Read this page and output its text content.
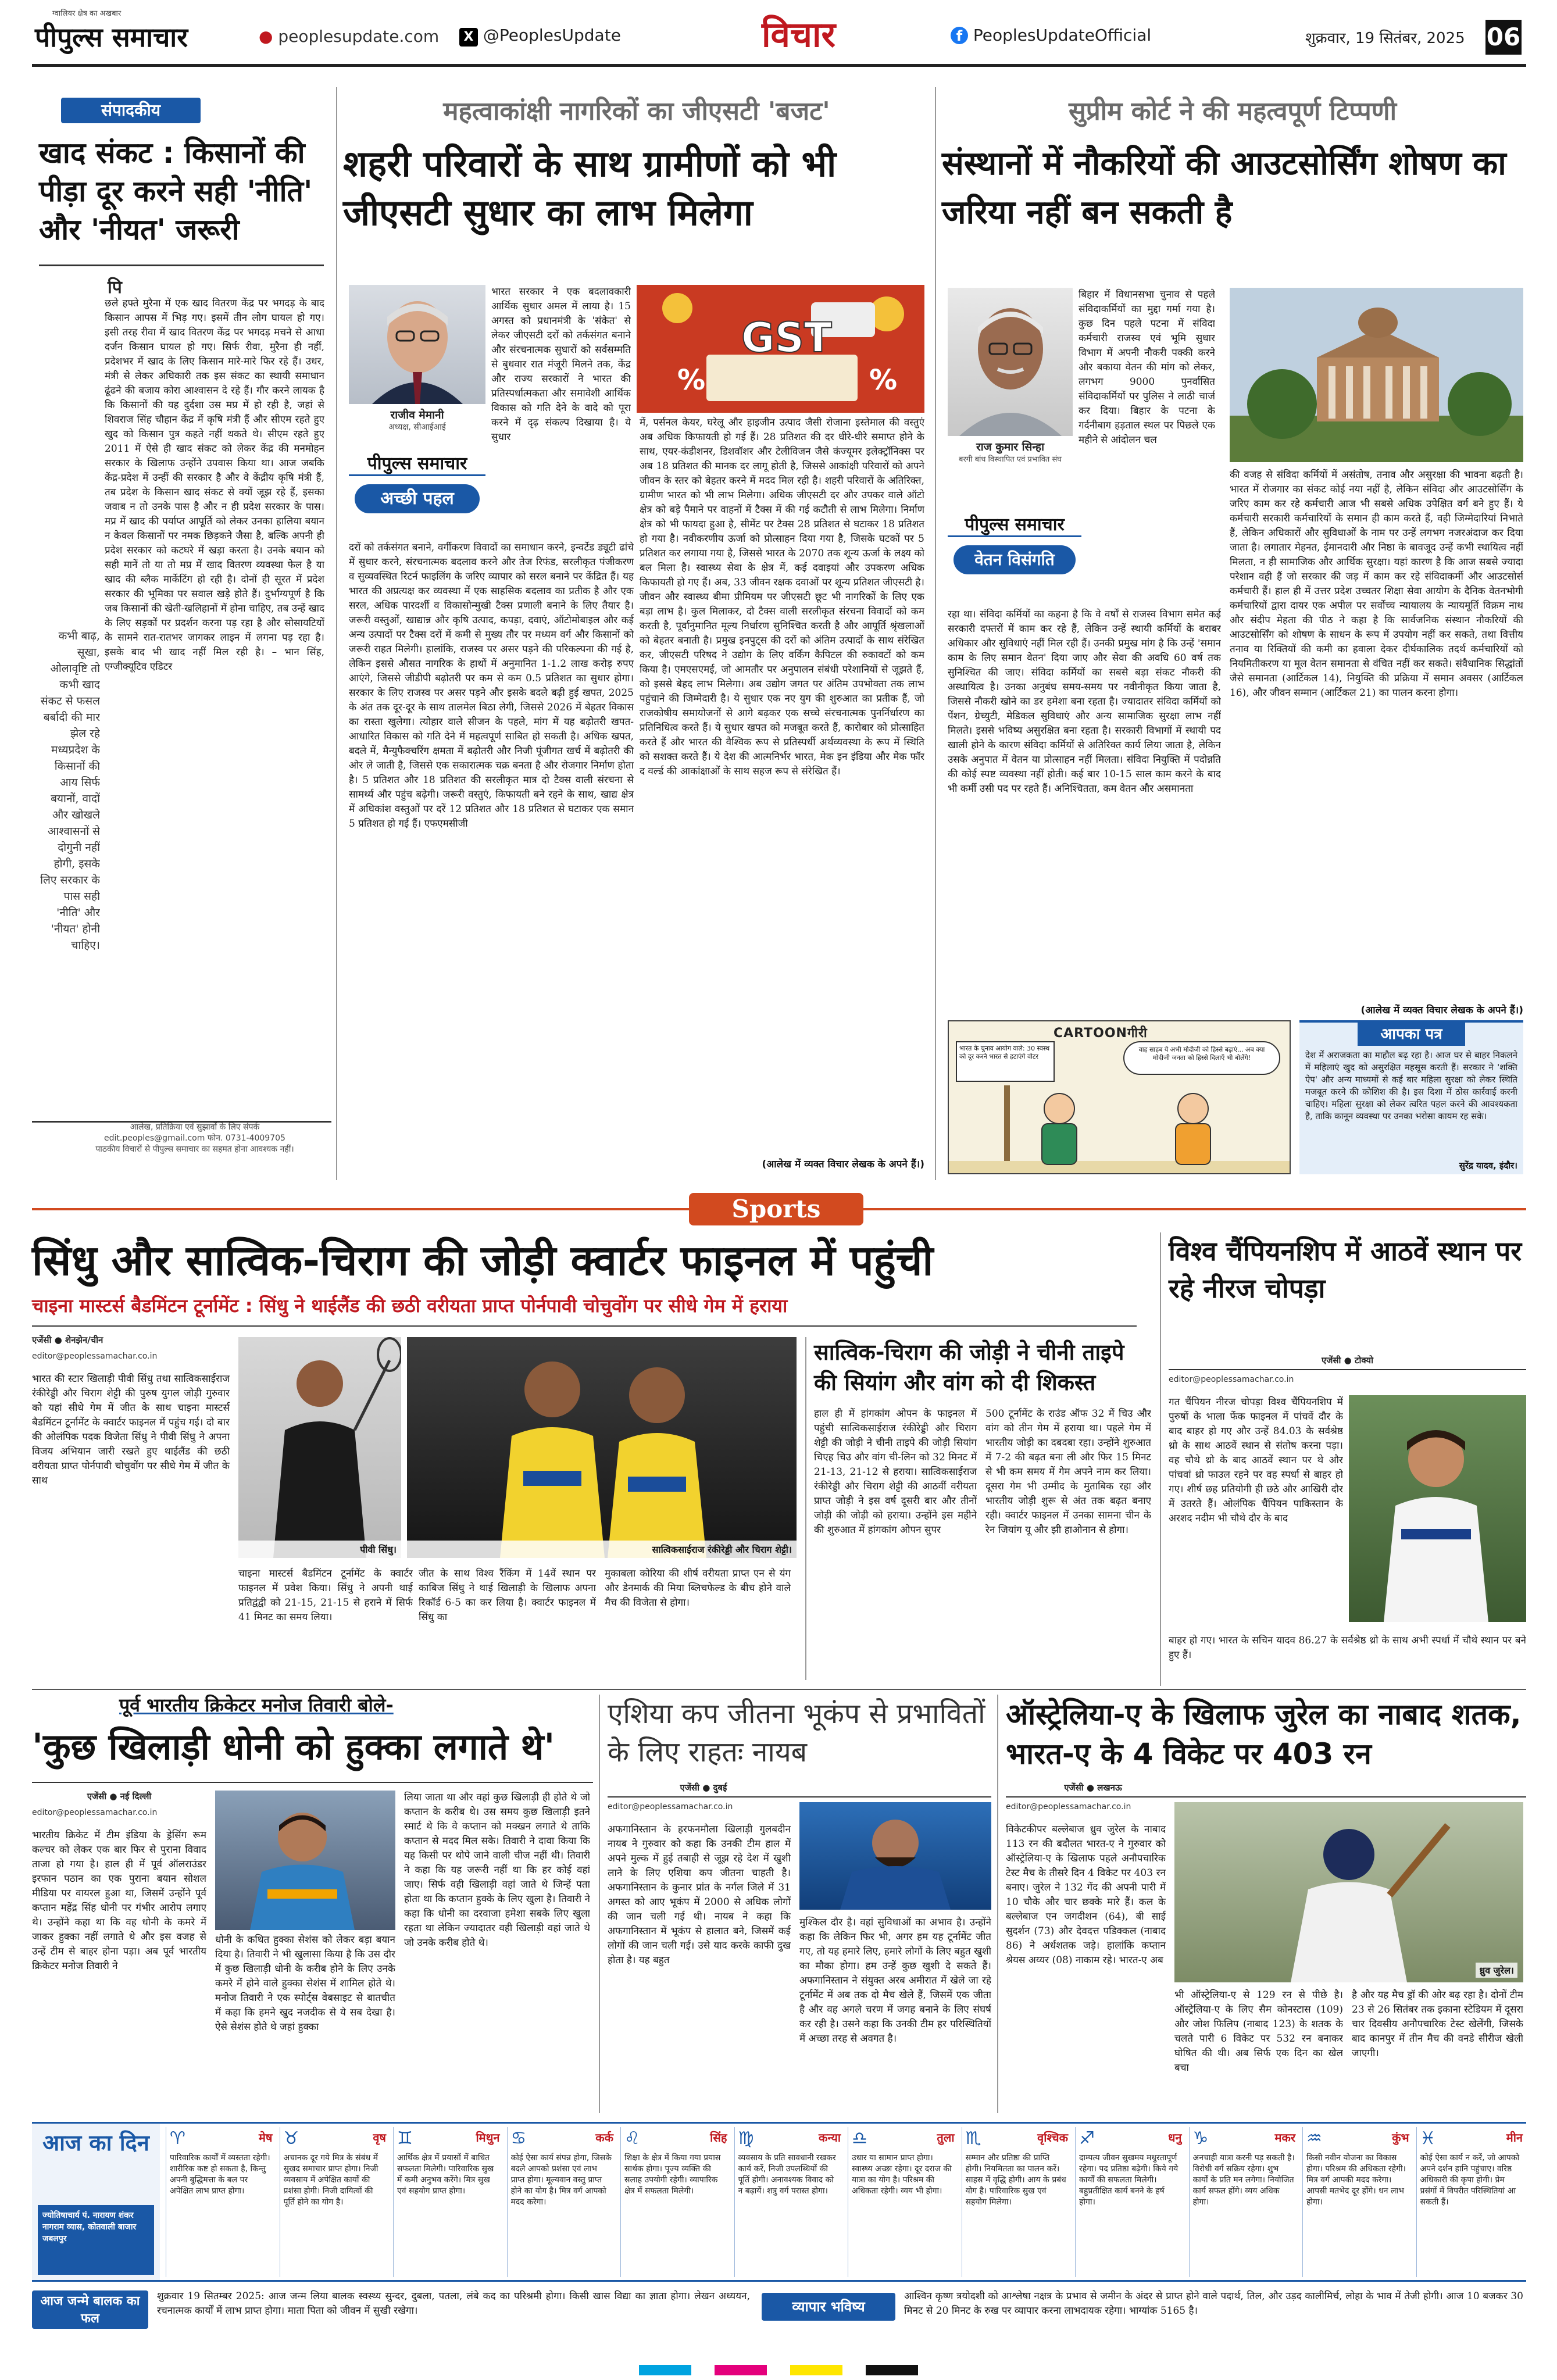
ग्वालियर क्षेत्र का अखबार
पीपुल्स समाचार	● peoplesupdate.com	X @PeoplesUpdate	विचार	f PeoplesUpdateOfficial	शुक्रवार, 19 सितंबर, 2025 06
संपादकीय
खाद संकट : किसानों की पीड़ा दूर करने सही 'नीति' और 'नीयत' जरूरी
पि

छले हफ्ते मुरैना में एक खाद वितरण केंद्र पर भगदड़ के बाद किसान आपस में भिड़ गए। इसमें तीन लोग घायल हो गए। इसी तरह रीवा में खाद वितरण केंद्र पर भगदड़ मचने से आधा दर्जन किसान घायल हो गए। सिर्फ रीवा, मुरैना ही नहीं, प्रदेशभर में खाद के लिए किसान मारे-मारे फिर रहे हैं। उधर, मंत्री से लेकर अधिकारी तक इस संकट का स्थायी समाधान ढूंढने की बजाय कोरा आश्वासन दे रहे हैं। गौर करने लायक है कि किसानों की यह दुर्दशा उस मप्र में हो रही है, जहां से शिवराज सिंह चौहान केंद्र में कृषि मंत्री हैं और सीएम रहते हुए खुद को किसान पुत्र कहते नहीं थकते थे। सीएम रहते हुए 2011 में ऐसे ही खाद संकट को लेकर केंद्र की मनमोहन सरकार के खिलाफ उन्होंने उपवास किया था। आज जबकि केंद्र-प्रदेश में उन्हीं की सरकार है और वे केंद्रीय कृषि मंत्री हैं, तब प्रदेश के किसान खाद संकट से क्यों जूझ रहे हैं, इसका जवाब न तो उनके पास है और न ही प्रदेश सरकार के पास। मप्र में खाद की पर्याप्त आपूर्ति को लेकर उनका हालिया बयान न केवल किसानों पर नमक छिड़कने जैसा है, बल्कि अपनी ही प्रदेश सरकार को कटघरे में खड़ा करता है। उनके बयान को सही मानें तो या तो मप्र में खाद वितरण व्यवस्था फेल है या खाद की ब्लैक मार्केटिंग हो रही है। दोनों ही सूरत में प्रदेश सरकार की भूमिका पर सवाल खड़े होते हैं। दुर्भाग्यपूर्ण है कि जब किसानों की खेती-खलिहानों में होना चाहिए, तब उन्हें खाद के लिए सड़कों पर प्रदर्शन करना पड़ रहा है और सोसायटियों के सामने रात-रातभर जागकर लाइन में लगना पड़ रहा है। इसके बाद भी खाद नहीं मिल रही है। – भान सिंह, एग्जीक्यूटिव एडिटर

कभी बाढ़, सूखा, ओलावृष्टि तो कभी खाद संकट से फसल बर्बादी की मार झेल रहे मध्यप्रदेश के किसानों की आय सिर्फ बयानों, वादों और खोखले आश्वासनों से दोगुनी नहीं होगी, इसके लिए सरकार के पास सही 'नीति' और 'नीयत' होनी चाहिए।
आलेख, प्रतिक्रिया एवं सुझावों के लिए संपर्क
edit.peoples@gmail.com फोन. 0731-4009705
पाठकीय विचारों से पीपुल्स समाचार का सहमत होना आवश्यक नहीं।
महत्वाकांक्षी नागरिकों का जीएसटी 'बजट'
शहरी परिवारों के साथ ग्रामीणों को भी जीएसटी सुधार का लाभ मिलेगा
राजीव मेमानी
अध्यक्ष, सीआईआई
GST
%	%
भारत सरकार ने एक बदलावकारी आर्थिक सुधार अमल में लाया है। 15 अगस्त को प्रधानमंत्री के 'संकेत' से लेकर जीएसटी दरों को तर्कसंगत बनाने और संरचनात्मक सुधारों को सर्वसम्मति से बुधवार रात मंजूरी मिलने तक, केंद्र और राज्य सरकारों ने भारत की प्रतिस्पर्धात्मकता और समावेशी आर्थिक विकास को गति देने के वादे को पूरा करने में दृढ़ संकल्प दिखाया है। ये सुधार
पीपुल्स समाचार
अच्छी पहल
दरों को तर्कसंगत बनाने, वर्गीकरण विवादों का समाधान करने, इन्वर्टेड ड्यूटी ढांचे में सुधार करने, संरचनात्मक बदलाव करने और तेज रिफंड, सरलीकृत पंजीकरण व सुव्यवस्थित रिटर्न फाइलिंग के जरिए व्यापार को सरल बनाने पर केंद्रित हैं। यह भारत की अप्रत्यक्ष कर व्यवस्था में एक साहसिक बदलाव का प्रतीक है और एक सरल, अधिक पारदर्शी व विकासोन्मुखी टैक्स प्रणाली बनाने के लिए तैयार है। जरूरी वस्तुओं, खाद्यान्न और कृषि उत्पाद, कपड़ा, दवाएं, ऑटोमोबाइल और कई अन्य उत्पादों पर टैक्स दरों में कमी से मुख्य तौर पर मध्यम वर्ग और किसानों को जरूरी राहत मिलेगी। हालांकि, राजस्व पर असर पड़ने की परिकल्पना की गई है, लेकिन इससे औसत नागरिक के हाथों में अनुमानित 1-1.2 लाख करोड़ रुपए आएंगे, जिससे जीडीपी बढ़ोतरी पर कम से कम 0.5 प्रतिशत का सुधार होगा। सरकार के लिए राजस्व पर असर पड़ने और इसके बदले बढ़ी हुई खपत, 2025 के अंत तक दूर-दूर के साथ तालमेल बिठा लेगी, जिससे 2026 में बेहतर विकास का रास्ता खुलेगा। त्योहार वाले सीजन के पहले, मांग में यह बढ़ोतरी खपत-आधारित विकास को गति देने में महत्वपूर्ण साबित हो सकती है। अधिक खपत, बदले में, मैन्युफैक्चरिंग क्षमता में बढ़ोतरी और निजी पूंजीगत खर्च में बढ़ोतरी की ओर ले जाती है, जिससे एक सकारात्मक चक्र बनता है और रोजगार निर्माण होता है। 5 प्रतिशत और 18 प्रतिशत की सरलीकृत मात्र दो टैक्स वाली संरचना से सामर्थ्य और पहुंच बढ़ेगी। जरूरी वस्तुएं, किफायती बने रहने के साथ, खाद्य क्षेत्र में अधिकांश वस्तुओं पर दरें 12 प्रतिशत और 18 प्रतिशत से घटाकर एक समान 5 प्रतिशत हो गई हैं। एफएमसीजी
में, पर्सनल केयर, घरेलू और हाइजीन उत्पाद जैसी रोजाना इस्तेमाल की वस्तुएं अब अधिक किफायती हो गई हैं। 28 प्रतिशत की दर धीरे-धीरे समाप्त होने के साथ, एयर-कंडीशनर, डिशवॉशर और टेलीविजन जैसे कंज्यूमर इलेक्ट्रॉनिक्स पर अब 18 प्रतिशत की मानक दर लागू होती है, जिससे आकांक्षी परिवारों को अपने जीवन के स्तर को बेहतर करने में मदद मिल रही है। शहरी परिवारों के अतिरिक्त, ग्रामीण भारत को भी लाभ मिलेगा। अधिक जीएसटी दर और उपकर वाले ऑटो क्षेत्र को बड़े पैमाने पर वाहनों में टैक्स में की गई कटौती से लाभ मिलेगा। निर्माण क्षेत्र को भी फायदा हुआ है, सीमेंट पर टैक्स 28 प्रतिशत से घटाकर 18 प्रतिशत हो गया है। नवीकरणीय ऊर्जा को प्रोत्साहन दिया गया है, जिसके घटकों पर 5 प्रतिशत कर लगाया गया है, जिससे भारत के 2070 तक शून्य ऊर्जा के लक्ष्य को बल मिला है। स्वास्थ्य सेवा के क्षेत्र में, कई दवाइयां और उपकरण अधिक किफायती हो गए हैं। अब, 33 जीवन रक्षक दवाओं पर शून्य प्रतिशत जीएसटी है। जीवन और स्वास्थ्य बीमा प्रीमियम पर जीएसटी छूट भी नागरिकों के लिए एक बड़ा लाभ है। कुल मिलाकर, दो टैक्स वाली सरलीकृत संरचना विवादों को कम करती है, पूर्वानुमानित मूल्य निर्धारण सुनिश्चित करती है और आपूर्ति श्रृंखलाओं को बेहतर बनाती है। प्रमुख इनपुट्स की दरों को अंतिम उत्पादों के साथ संरेखित कर, जीएसटी परिषद ने उद्योग के लिए वर्किंग कैपिटल की रुकावटों को कम किया है। एमएसएमई, जो आमतौर पर अनुपालन संबंधी परेशानियों से जूझते हैं, को इससे बेहद लाभ मिलेगा। अब उद्योग जगत पर अंतिम उपभोक्ता तक लाभ पहुंचाने की जिम्मेदारी है। ये सुधार एक नए युग की शुरुआत का प्रतीक हैं, जो राजकोषीय समायोजनों से आगे बढ़कर एक सच्चे संरचनात्मक पुनर्निर्धारण का प्रतिनिधित्व करते हैं। ये सुधार खपत को मजबूत करते हैं, कारोबार को प्रोत्साहित करते हैं और भारत की वैश्विक रूप से प्रतिस्पर्धी अर्थव्यवस्था के रूप में स्थिति को सशक्त करते हैं। ये देश की आत्मनिर्भर भारत, मेक इन इंडिया और मेक फॉर द वर्ल्ड की आकांक्षाओं के साथ सहज रूप से संरेखित हैं।
(आलेख में व्यक्त विचार लेखक के अपने हैं।)
सुप्रीम कोर्ट ने की महत्वपूर्ण टिप्पणी
संस्थानों में नौकरियों की आउटसोर्सिंग शोषण का जरिया नहीं बन सकती है
राज कुमार सिन्हा
बरगी बांध विस्थापित एवं प्रभावित संघ
बिहार में विधानसभा चुनाव से पहले संविदाकर्मियों का मुद्दा गर्मा गया है। कुछ दिन पहले पटना में संविदा कर्मचारी राजस्व एवं भूमि सुधार विभाग में अपनी नौकरी पक्की करने और बकाया वेतन की मांग को लेकर, लगभग 9000 पुनर्वासित संविदाकर्मियों पर पुलिस ने लाठी चार्ज कर दिया। बिहार के पटना के गर्दनीबाग हड़ताल स्थल पर पिछले एक महीने से आंदोलन चल
पीपुल्स समाचार
वेतन विसंगति
रहा था। संविदा कर्मियों का कहना है कि वे वर्षों से राजस्व विभाग समेत कई सरकारी दफ्तरों में काम कर रहे हैं, लेकिन उन्हें स्थायी कर्मियों के बराबर अधिकार और सुविधाएं नहीं मिल रही हैं। उनकी प्रमुख मांग है कि उन्हें 'समान काम के लिए समान वेतन' दिया जाए और सेवा की अवधि 60 वर्ष तक सुनिश्चित की जाए। संविदा कर्मियों का सबसे बड़ा संकट नौकरी की अस्थायित्व है। उनका अनुबंध समय-समय पर नवीनीकृत किया जाता है, जिससे नौकरी खोने का डर हमेशा बना रहता है। ज्यादातर संविदा कर्मियों को पेंशन, ग्रेच्युटी, मेडिकल सुविधाएं और अन्य सामाजिक सुरक्षा लाभ नहीं मिलते। इससे भविष्य असुरक्षित बना रहता है। सरकारी विभागों में स्थायी पद खाली होने के कारण संविदा कर्मियों से अतिरिक्त कार्य लिया जाता है, लेकिन उसके अनुपात में वेतन या प्रोत्साहन नहीं मिलता। संविदा नियुक्ति में पदोन्नति की कोई स्पष्ट व्यवस्था नहीं होती। कई बार 10-15 साल काम करने के बाद भी कर्मी उसी पद पर रहते हैं। अनिश्चितता, कम वेतन और असमानता
की वजह से संविदा कर्मियों में असंतोष, तनाव और असुरक्षा की भावना बढ़ती है। भारत में रोजगार का संकट कोई नया नहीं है, लेकिन संविदा और आउटसोर्सिंग के जरिए काम कर रहे कर्मचारी आज भी सबसे अधिक उपेक्षित वर्ग बने हुए हैं। ये कर्मचारी सरकारी कर्मचारियों के समान ही काम करते हैं, वही जिम्मेदारियां निभाते हैं, लेकिन अधिकारों और सुविधाओं के नाम पर उन्हें लगभग नजरअंदाज कर दिया जाता है। लगातार मेहनत, ईमानदारी और निष्ठा के बावजूद उन्हें कभी स्थायित्व नहीं मिलता, न ही सामाजिक और आर्थिक सुरक्षा। यहां कारण है कि आज सबसे ज्यादा परेशान वही हैं जो सरकार की जड़ में काम कर रहे संविदाकर्मी और आउटसोर्स कर्मचारी हैं। हाल ही में उत्तर प्रदेश उच्चतर शिक्षा सेवा आयोग के दैनिक वेतनभोगी कर्मचारियों द्वारा दायर एक अपील पर सर्वोच्च न्यायालय के न्यायमूर्ति विक्रम नाथ और संदीप मेहता की पीठ ने कहा है कि सार्वजनिक संस्थान नौकरियों की आउटसोर्सिंग को शोषण के साधन के रूप में उपयोग नहीं कर सकते, तथा वित्तीय तनाव या रिक्तियों की कमी का हवाला देकर दीर्घकालिक तदर्थ कर्मचारियों को नियमितीकरण या मूल वेतन समानता से वंचित नहीं कर सकते। संवैधानिक सिद्धांतों जैसे समानता (आर्टिकल 14), नियुक्ति की प्रक्रिया में समान अवसर (आर्टिकल 16), और जीवन सम्मान (आर्टिकल 21) का पालन करना होगा।
(आलेख में व्यक्त विचार लेखक के अपने हैं।)
CARTOONगीरी
भारत के चुनाव आयोग वाले: 30 स्वस्थ को दूर करने भारत से हटाएंगे वोटर
वाह साहब ये अभी मोदीजी को हिस्से बढ़ाएं... अब क्या मोदीजी जनता को हिस्से दिलाएँ भी बोलेंगे!
आपका पत्र
देश में अराजकता का माहौल बढ़ रहा है। आज घर से बाहर निकलने में महिलाएं खुद को असुरक्षित महसूस करती हैं। सरकार ने 'शक्ति ऐप' और अन्य माध्यमों से कई बार महिला सुरक्षा को लेकर स्थिति मजबूत करने की कोशिश की है। इस दिशा में ठोस कार्रवाई करनी चाहिए। महिला सुरक्षा को लेकर त्वरित पहल करने की आवश्यकता है, ताकि कानून व्यवस्था पर उनका भरोसा कायम रह सके।
सुरेंद्र यादव, इंदौर।
Sports
सिंधु और सात्विक-चिराग की जोड़ी क्वार्टर फाइनल में पहुंची
चाइना मास्टर्स बैडमिंटन टूर्नामेंट : सिंधु ने थाईलैंड की छठी वरीयता प्राप्त पोर्नपावी चोचुवोंग पर सीधे गेम में हराया
एजेंसी ● शेनझेन/चीन
editor@peoplessamachar.co.in
भारत की स्टार खिलाड़ी पीवी सिंधु तथा सात्विकसाईराज रंकीरेड्डी और चिराग शेट्टी की पुरुष युगल जोड़ी गुरुवार को यहां सीधे गेम में जीत के साथ चाइना मास्टर्स बैडमिंटन टूर्नामेंट के क्वार्टर फाइनल में पहुंच गई। दो बार की ओलंपिक पदक विजेता सिंधु ने पीवी सिंधु ने अपना विजय अभियान जारी रखते हुए थाईलैंड की छठी वरीयता प्राप्त पोर्नपावी चोचुवोंग पर सीधे गेम में जीत के साथ
पीवी सिंधु।	सात्विकसाईराज रंकीरेड्डी और चिराग शेट्टी।
चाइना मास्टर्स बैडमिंटन टूर्नामेंट के क्वार्टर फाइनल में प्रवेश किया। सिंधु ने अपनी थाई प्रतिद्वंद्वी को 21-15, 21-15 से हराने में सिर्फ 41 मिनट का समय लिया।
जीत के साथ विश्व रैंकिंग में 14वें स्थान पर काबिज सिंधु ने थाई खिलाड़ी के खिलाफ अपना रिकॉर्ड 6-5 का कर लिया है। क्वार्टर फाइनल में सिंधु का
मुकाबला कोरिया की शीर्ष वरीयता प्राप्त एन से यंग और डेनमार्क की मिया ब्लिचफेल्ड के बीच होने वाले मैच की विजेता से होगा।
सात्विक-चिराग की जोड़ी ने चीनी ताइपे की सियांग और वांग को दी शिकस्त
हाल ही में हांगकांग ओपन के फाइनल में पहुंची सात्विकसाईराज रंकीरेड्डी और चिराग शेट्टी की जोड़ी ने चीनी ताइपे की जोड़ी सियांग चिएह चिउ और वांग ची-लिन को 32 मिनट में 21-13, 21-12 से हराया। सात्विकसाईराज रंकीरेड्डी और चिराग शेट्टी की आठवीं वरीयता प्राप्त जोड़ी ने इस वर्ष दूसरी बार और तीनों जोड़ी की जोड़ी को हराया। उन्होंने इस महीने की शुरुआत में हांगकांग ओपन सुपर
500 टूर्नामेंट के राउंड ऑफ 32 में चिउ और वांग को तीन गेम में हराया था। पहले गेम में भारतीय जोड़ी का दबदबा रहा। उन्होंने शुरुआत में 7-2 की बढ़त बना ली और फिर 15 मिनट से भी कम समय में गेम अपने नाम कर लिया। दूसरा गेम भी उम्मीद के मुताबिक रहा और भारतीय जोड़ी शुरू से अंत तक बढ़त बनाए रही। क्वार्टर फाइनल में उनका सामना चीन के रेन जियांग यू और झी हाओनान से होगा।
विश्व चैंपियनशिप में आठवें स्थान पर रहे नीरज चोपड़ा
एजेंसी ● टोक्यो
editor@peoplessamachar.co.in
गत चैंपियन नीरज चोपड़ा विश्व चैंपियनशिप में पुरुषों के भाला फेंक फाइनल में पांचवें दौर के बाद बाहर हो गए और उन्हें 84.03 के सर्वश्रेष्ठ थ्रो के साथ आठवें स्थान से संतोष करना पड़ा। वह चौथे थ्रो के बाद आठवें स्थान पर थे और पांचवां थ्रो फाउल रहने पर वह स्पर्धा से बाहर हो गए। शीर्ष छह प्रतियोगी ही छठे और आखिरी दौर में उतरते हैं। ओलंपिक चैंपियन पाकिस्तान के अरशद नदीम भी चौथे दौर के बाद
बाहर हो गए। भारत के सचिन यादव 86.27 के सर्वश्रेष्ठ थ्रो के साथ अभी स्पर्धा में चौथे स्थान पर बने हुए हैं।
पूर्व भारतीय क्रिकेटर मनोज तिवारी बोले-
'कुछ खिलाड़ी धोनी को हुक्का लगाते थे'
एजेंसी ● नई दिल्ली
editor@peoplessamachar.co.in
भारतीय क्रिकेट में टीम इंडिया के ड्रेसिंग रूम कल्चर को लेकर एक बार फिर से पुराना विवाद ताजा हो गया है। हाल ही में पूर्व ऑलराउंडर इरफान पठान का एक पुराना बयान सोशल मीडिया पर वायरल हुआ था, जिसमें उन्होंने पूर्व कप्तान महेंद्र सिंह धोनी पर गंभीर आरोप लगाए थे। उन्होंने कहा था कि वह धोनी के कमरे में जाकर हुक्का नहीं लगाते थे और इस वजह से उन्हें टीम से बाहर होना पड़ा। अब पूर्व भारतीय क्रिकेटर मनोज तिवारी ने
धोनी के कथित हुक्का सेशंस को लेकर बड़ा बयान दिया है। तिवारी ने भी खुलासा किया है कि उस दौर में कुछ खिलाड़ी धोनी के करीब होने के लिए उनके कमरे में होने वाले हुक्का सेशंस में शामिल होते थे। मनोज तिवारी ने एक स्पोर्ट्स वेबसाइट से बातचीत में कहा कि हमने खुद नजदीक से ये सब देखा है। ऐसे सेशंस होते थे जहां हुक्का
लिया जाता था और वहां कुछ खिलाड़ी ही होते थे जो कप्तान के करीब थे। उस समय कुछ खिलाड़ी इतने स्मार्ट थे कि वे कप्तान को मक्खन लगाते थे ताकि कप्तान से मदद मिल सके। तिवारी ने दावा किया कि यह किसी पर थोपे जाने वाली चीज नहीं थी। तिवारी ने कहा कि यह जरूरी नहीं था कि हर कोई वहां जाए। सिर्फ वही खिलाड़ी वहां जाते थे जिन्हें पता होता था कि कप्तान हुक्के के लिए खुला है। तिवारी ने कहा कि धोनी का दरवाजा हमेशा सबके लिए खुला रहता था लेकिन ज्यादातर वही खिलाड़ी वहां जाते थे जो उनके करीब होते थे।
एशिया कप जीतना भूकंप से प्रभावितों के लिए राहतः नायब
एजेंसी ● दुबई
editor@peoplessamachar.co.in
अफगानिस्तान के हरफनमौला खिलाड़ी गुलबदीन नायब ने गुरुवार को कहा कि उनकी टीम हाल में अपने मुल्क में हुई तबाही से जूझ रहे देश में खुशी लाने के लिए एशिया कप जीतना चाहती है। अफगानिस्तान के कुनार प्रांत के नर्गल जिले में 31 अगस्त को आए भूकंप में 2000 से अधिक लोगों की जान चली गई थी। नायब ने कहा कि अफगानिस्तान में भूकंप से हालात बने, जिसमें कई लोगों की जान चली गई। उसे याद करके काफी दुख होता है। यह बहुत
मुश्किल दौर है। वहां सुविधाओं का अभाव है। उन्होंने कहा कि लेकिन फिर भी, अगर हम यह टूर्नामेंट जीत गए, तो यह हमारे लिए, हमारे लोगों के लिए बहुत खुशी का मौका होगा। हम उन्हें कुछ खुशी दे सकते हैं। अफगानिस्तान ने संयुक्त अरब अमीरात में खेले जा रहे टूर्नामेंट में अब तक दो मैच खेले हैं, जिसमें एक जीता है और वह अगले चरण में जगह बनाने के लिए संघर्ष कर रही है। उसने कहा कि उनकी टीम हर परिस्थितियों में अच्छा तरह से अवगत है।
ऑस्ट्रेलिया-ए के खिलाफ जुरेल का नाबाद शतक, भारत-ए के 4 विकेट पर 403 रन
एजेंसी ● लखनऊ
editor@peoplessamachar.co.in
विकेटकीपर बल्लेबाज ध्रुव जुरेल के नाबाद 113 रन की बदौलत भारत-ए ने गुरुवार को ऑस्ट्रेलिया-ए के खिलाफ पहले अनौपचारिक टेस्ट मैच के तीसरे दिन 4 विकेट पर 403 रन बनाए। जुरेल ने 132 गेंद की अपनी पारी में 10 चौके और चार छक्के मारे हैं। कल के बल्लेबाज एन जगदीशन (64), बी साई सुदर्शन (73) और देवदत्त पडिक्कल (नाबाद 86) ने अर्धशतक जड़े। हालांकि कप्तान श्रेयस अय्यर (08) नाकाम रहे। भारत-ए अब
ध्रुव जुरेल।
भी ऑस्ट्रेलिया-ए से 129 रन से पीछे है। ऑस्ट्रेलिया-ए के लिए सैम कोनस्टास (109) और जोश फिलिप (नाबाद 123) के शतक के चलते पारी 6 विकेट पर 532 रन बनाकर घोषित की थी। अब सिर्फ एक दिन का खेल बचा
है और यह मैच ड्रॉ की ओर बढ़ रहा है। दोनों टीम 23 से 26 सितंबर तक इकाना स्टेडियम में दूसरा चार दिवसीय अनौपचारिक टेस्ट खेलेंगी, जिसके बाद कानपुर में तीन मैच की वनडे सीरीज खेली जाएगी।
आज का दिन
ज्योतिषाचार्य पं. नारायण शंकर नागराम व्यास, कोतवाली बाजार जबलपुर
♈	मेष
पारिवारिक कार्यों में व्यस्तता रहेगी। शारीरिक कष्ट हो सकता है, किन्तु अपनी बुद्धिमत्ता के बल पर अपेक्षित लाभ प्राप्त होगा।
♉	वृष
अचानक दूर गये मित्र के संबंध में सुखद समाचार प्राप्त होगा। निजी व्यवसाय में अपेक्षित कार्यों की प्रशंसा होगी। निजी दायित्वों की पूर्ति होने का योग है।
♊	मिथुन
आर्थिक क्षेत्र में प्रयासों में बाधित सफलता मिलेगी। पारिवारिक सुख में कमी अनुभव करेंगे। मित्र सुख एवं सहयोग प्राप्त होगा।
♋	कर्क
कोई ऐसा कार्य संपन्न होगा, जिसके बदले आपको प्रशंसा एवं लाभ प्राप्त होगा। मूल्यवान वस्तु प्राप्त होने का योग है। मित्र वर्ग आपको मदद करेगा।
♌	सिंह
शिक्षा के क्षेत्र में किया गया प्रयास सार्थक होगा। पूज्य व्यक्ति की सलाह उपयोगी रहेगी। व्यापारिक क्षेत्र में सफलता मिलेगी।
♍	कन्या
व्यवसाय के प्रति सावधानी रखकर कार्य करें, निजी उपलब्धियों की पूर्ति होगी। अनावश्यक विवाद को न बढ़ायें। शत्रु वर्ग परास्त होगा।
♎	तुला
उधार या सामान प्राप्त होगा। स्वास्थ्य अच्छा रहेगा। दूर दराज की यात्रा का योग है। परिश्रम की अधिकता रहेगी। व्यय भी होगा।
♏	वृश्चिक
सम्मान और प्रतिष्ठा की प्राप्ति होगी। नियमितता का पालन करें। साहस में वृद्धि होगी। आय के प्रबंध योग है। पारिवारिक सुख एवं सहयोग मिलेगा।
♐	धनु
दाम्पत्य जीवन सुखमय मधुरतापूर्ण रहेगा। पद प्रतिष्ठा बढ़ेगी। किये गये कार्यों की सफलता मिलेगी। बहुप्रतीक्षित कार्य बनने के हर्ष होगा।
♑	मकर
अनचाही यात्रा करनी पड़ सकती है। विरोधी वर्ग सक्रिय रहेगा। शुभ कार्यों के प्रति मन लगेगा। नियोजित कार्य सफल होंगे। व्यय अधिक होगा।
♒	कुंभ
किसी नवीन योजना का विकास होगा। परिश्रम की अधिकता रहेगी। मित्र वर्ग आपकी मदद करेगा। आपसी मतभेद दूर होंगे। धन लाभ होगा।
♓	मीन
कोई ऐसा कार्य न करें, जो आपको अपने दर्शन हानि पहुंचाए। वरिष्ठ अधिकारी की कृपा होगी। प्रेम प्रसंगों में विपरीत परिस्थितियां आ सकती हैं।
आज जन्मे बालक का फल
शुक्रवार 19 सितम्बर 2025: आज जन्म लिया बालक स्वस्थ्य सुन्दर, दुबला, पतला, लंबे कद का परिश्रमी होगा। किसी खास विद्या का ज्ञाता होगा। लेखन अध्ययन, रचनात्मक कार्यों में लाभ प्राप्त होगा। माता पिता को जीवन में सुखी रखेगा।	व्यापार भविष्य
आश्विन कृष्ण त्रयोदशी को आश्लेषा नक्षत्र के प्रभाव से जमीन के अंदर से प्राप्त होने वाले पदार्थ, तिल, और उड़द कालीमिर्च, लोहा के भाव में तेजी होगी। आज 10 बजकर 30 मिनट से 20 मिनट के रुख पर व्यापार करना लाभदायक रहेगा। भाग्यांक 5165 है।
